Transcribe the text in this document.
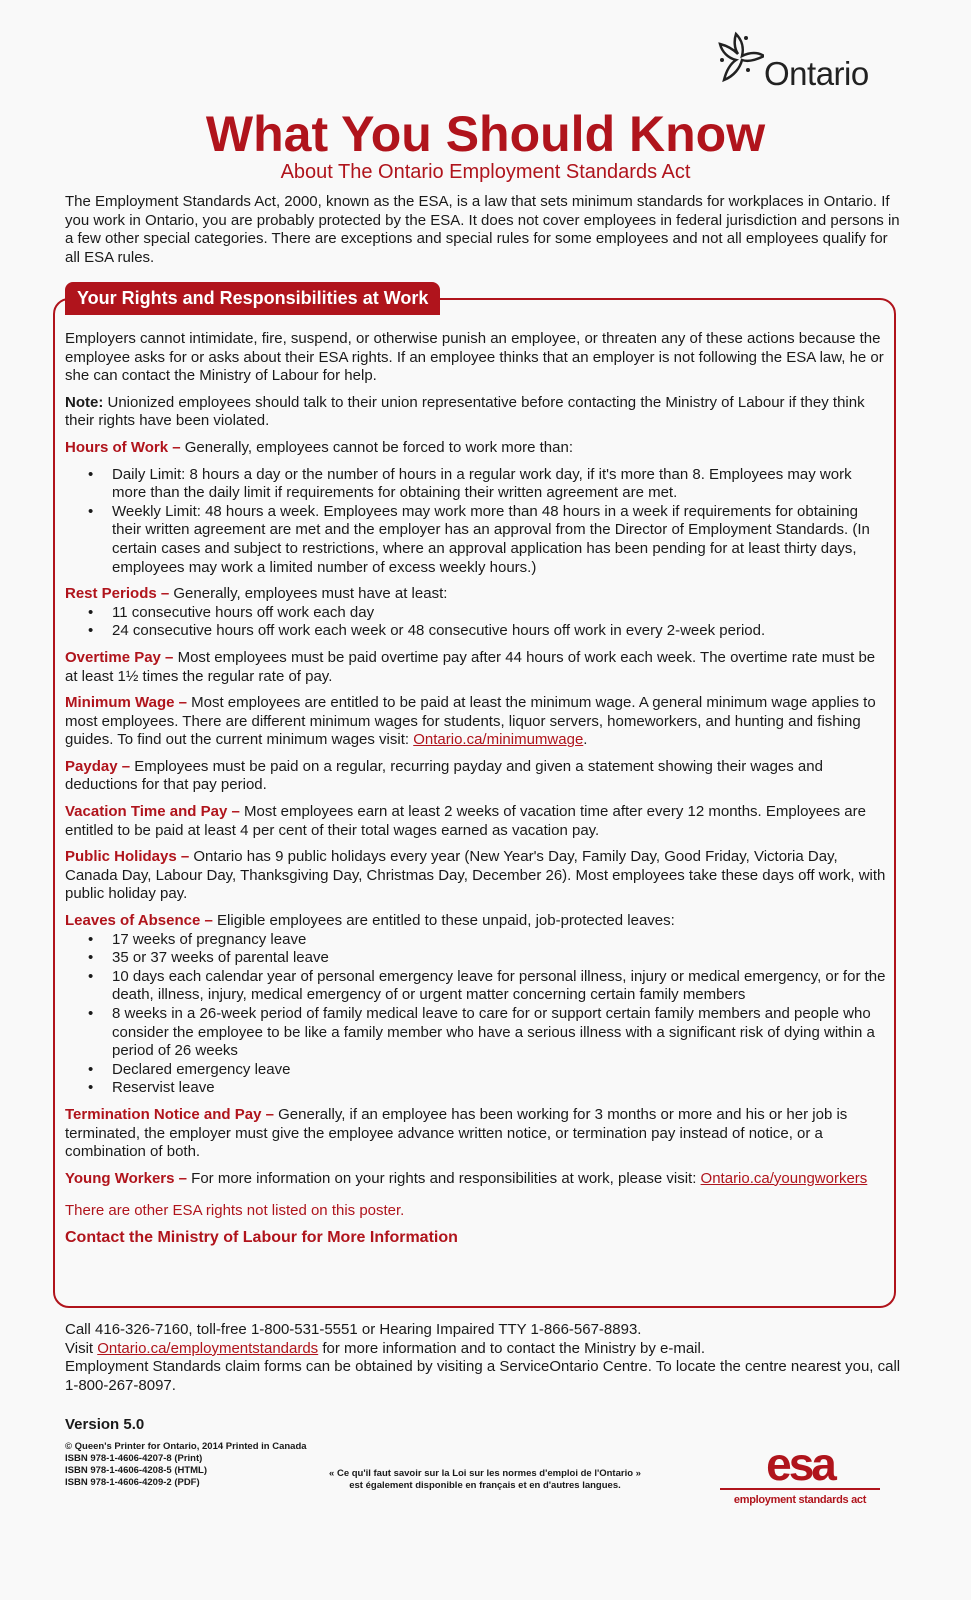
Ontario
What You Should Know
About The Ontario Employment Standards Act
The Employment Standards Act, 2000, known as the ESA, is a law that sets minimum standards for workplaces in Ontario. If you work in Ontario, you are probably protected by the ESA. It does not cover employees in federal jurisdiction and persons in a few other special categories. There are exceptions and special rules for some employees and not all employees qualify for all ESA rules.
Your Rights and Responsibilities at Work

Employers cannot intimidate, fire, suspend, or otherwise punish an employee, or threaten any of these actions because the employee asks for or asks about their ESA rights. If an employee thinks that an employer is not following the ESA law, he or she can contact the Ministry of Labour for help.

Note: Unionized employees should talk to their union representative before contacting the Ministry of Labour if they think their rights have been violated.

Hours of Work – Generally, employees cannot be forced to work more than:

• Daily Limit: 8 hours a day or the number of hours in a regular work day, if it's more than 8. Employees may work more than the daily limit if requirements for obtaining their written agreement are met.
• Weekly Limit: 48 hours a week. Employees may work more than 48 hours in a week if requirements for obtaining their written agreement are met and the employer has an approval from the Director of Employment Standards. (In certain cases and subject to restrictions, where an approval application has been pending for at least thirty days, employees may work a limited number of excess weekly hours.)

Rest Periods – Generally, employees must have at least:

• 11 consecutive hours off work each day
• 24 consecutive hours off work each week or 48 consecutive hours off work in every 2-week period.

Overtime Pay – Most employees must be paid overtime pay after 44 hours of work each week. The overtime rate must be at least 1½ times the regular rate of pay.

Minimum Wage – Most employees are entitled to be paid at least the minimum wage. A general minimum wage applies to most employees. There are different minimum wages for students, liquor servers, homeworkers, and hunting and fishing guides. To find out the current minimum wages visit: Ontario.ca/minimumwage.

Payday – Employees must be paid on a regular, recurring payday and given a statement showing their wages and deductions for that pay period.

Vacation Time and Pay – Most employees earn at least 2 weeks of vacation time after every 12 months. Employees are entitled to be paid at least 4 per cent of their total wages earned as vacation pay.

Public Holidays – Ontario has 9 public holidays every year (New Year's Day, Family Day, Good Friday, Victoria Day, Canada Day, Labour Day, Thanksgiving Day, Christmas Day, December 26). Most employees take these days off work, with public holiday pay.

Leaves of Absence – Eligible employees are entitled to these unpaid, job-protected leaves:

• 17 weeks of pregnancy leave
• 35 or 37 weeks of parental leave
• 10 days each calendar year of personal emergency leave for personal illness, injury or medical emergency, or for the death, illness, injury, medical emergency of or urgent matter concerning certain family members
• 8 weeks in a 26-week period of family medical leave to care for or support certain family members and people who consider the employee to be like a family member who have a serious illness with a significant risk of dying within a period of 26 weeks
• Declared emergency leave
• Reservist leave

Termination Notice and Pay – Generally, if an employee has been working for 3 months or more and his or her job is terminated, the employer must give the employee advance written notice, or termination pay instead of notice, or a combination of both.

Young Workers – For more information on your rights and responsibilities at work, please visit: Ontario.ca/youngworkers

There are other ESA rights not listed on this poster.

Contact the Ministry of Labour for More Information

Call 416-326-7160, toll-free 1-800-531-5551 or Hearing Impaired TTY 1-866-567-8893.
Visit Ontario.ca/employmentstandards for more information and to contact the Ministry by e-mail.
Employment Standards claim forms can be obtained by visiting a ServiceOntario Centre. To locate the centre nearest you, call 1-800-267-8097.
Version 5.0
© Queen's Printer for Ontario, 2014 Printed in Canada
ISBN 978-1-4606-4207-8 (Print)
ISBN 978-1-4606-4208-5 (HTML)
ISBN 978-1-4606-4209-2 (PDF)
« Ce qu'il faut savoir sur la Loi sur les normes d'emploi de l'Ontario »
est également disponible en français et en d'autres langues.	esa
employment standards act
